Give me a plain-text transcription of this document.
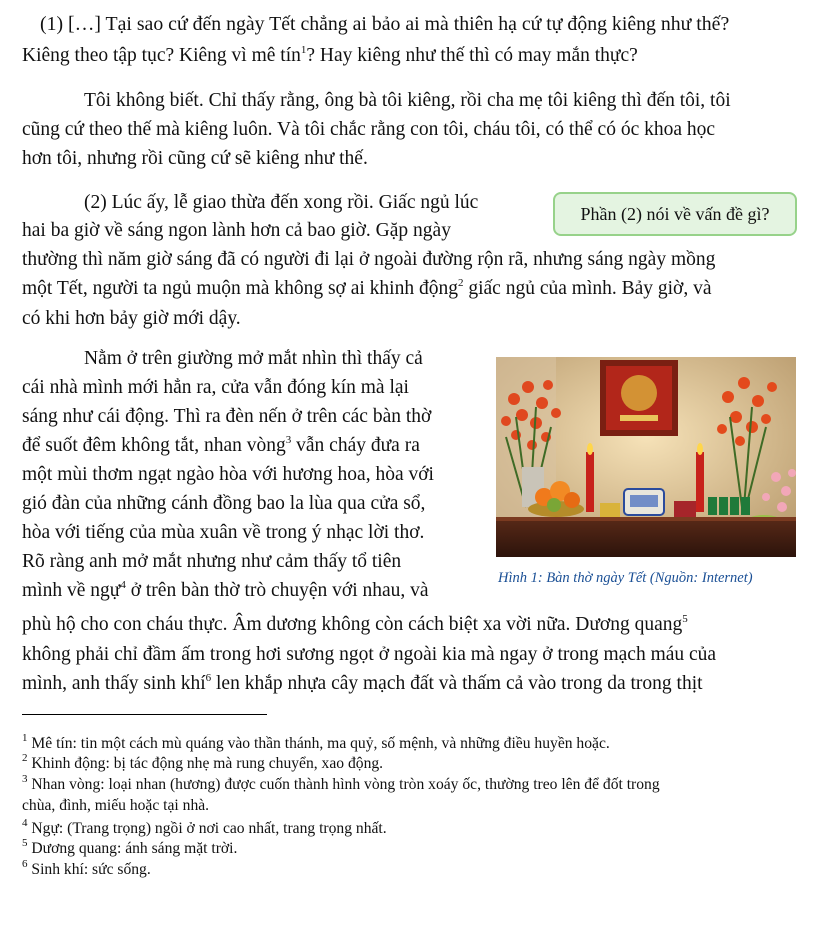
(1) […] Tại sao cứ đến ngày Tết chẳng ai bảo ai mà thiên hạ cứ tự động kiêng như thế?
Kiêng theo tập tục? Kiêng vì mê tín$^1$? Hay kiêng như thế thì có may mắn thực?
Tôi không biết. Chỉ thấy rằng, ông bà tôi kiêng, rồi cha mẹ tôi kiêng thì đến tôi, tôi
cũng cứ theo thế mà kiêng luôn. Và tôi chắc rằng con tôi, cháu tôi, có thể có óc khoa học
hơn tôi, nhưng rồi cũng cứ sẽ kiêng như thế.
(2) Lúc ấy, lễ giao thừa đến xong rồi. Giấc ngủ lúc
hai ba giờ về sáng ngon lành hơn cả bao giờ. Gặp ngày
thường thì năm giờ sáng đã có người đi lại ở ngoài đường rộn rã, nhưng sáng ngày mồng
một Tết, người ta ngủ muộn mà không sợ ai khinh động$^2$ giấc ngủ của mình. Bảy giờ, và
có khi hơn bảy giờ mới dậy.
Phần (2) nói về vấn đề gì?
Nằm ở trên giường mở mắt nhìn thì thấy cả
cái nhà mình mới hẳn ra, cửa vẫn đóng kín mà lại
sáng như cái động. Thì ra đèn nến ở trên các bàn thờ
để suốt đêm không tắt, nhan vòng$^3$ vẫn cháy đưa ra
một mùi thơm ngạt ngào hòa với hương hoa, hòa với
gió đàn của những cánh đồng bao la lùa qua cửa sổ,
hòa với tiếng của mùa xuân về trong ý nhạc lời thơ.
Rõ ràng anh mở mắt nhưng như cảm thấy tổ tiên
mình về ngự$^4$ ở trên bàn thờ trò chuyện với nhau, và
phù hộ cho con cháu thực. Âm dương không còn cách biệt xa vời nữa. Dương quang$^5$
không phải chỉ đầm ấm trong hơi sương ngọt ở ngoài kia mà ngay ở trong mạch máu của
mình, anh thấy sinh khí$^6$ len khắp nhựa cây mạch đất và thấm cả vào trong da trong thịt
Hình 1: Bàn thờ ngày Tết (Nguồn: Internet)
$^1$ Mê tín: tin một cách mù quáng vào thần thánh, ma quỷ, số mệnh, và những điều huyền hoặc.
$^2$ Khinh động: bị tác động nhẹ mà rung chuyển, xao động.
$^3$ Nhan vòng: loại nhan (hương) được cuốn thành hình vòng tròn xoáy ốc, thường treo lên để đốt trong
chùa, đình, miếu hoặc tại nhà.
$^4$ Ngự: (Trang trọng) ngồi ở nơi cao nhất, trang trọng nhất.
$^5$ Dương quang: ánh sáng mặt trời.
$^6$ Sinh khí: sức sống.
